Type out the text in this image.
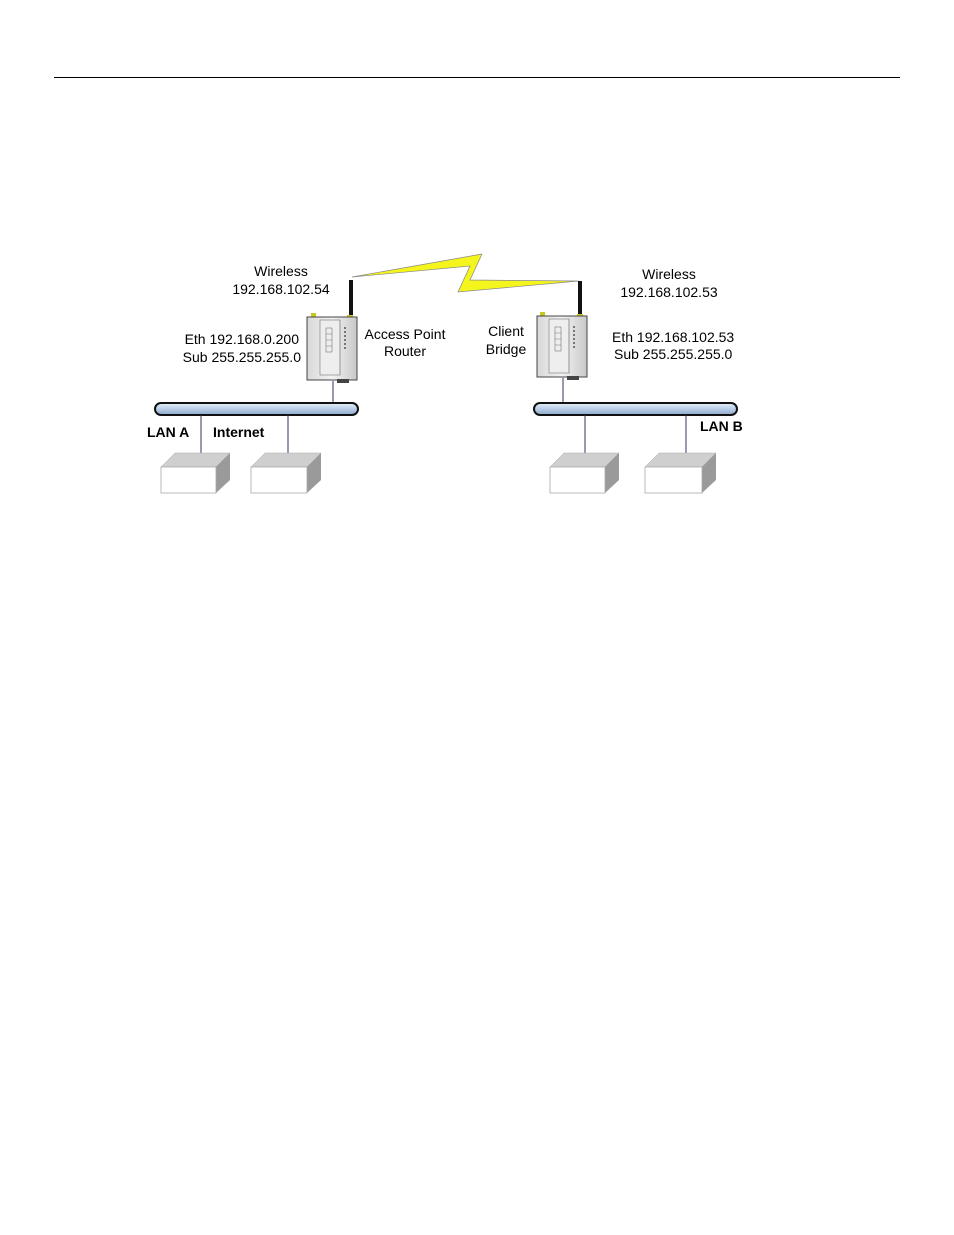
Wireless
192.168.102.54
Wireless
192.168.102.53
Eth 192.168.0.200
Sub 255.255.255.0
Access Point
Router
Client
Bridge
Eth 192.168.102.53
Sub 255.255.255.0
LAN A Internet	LAN B
